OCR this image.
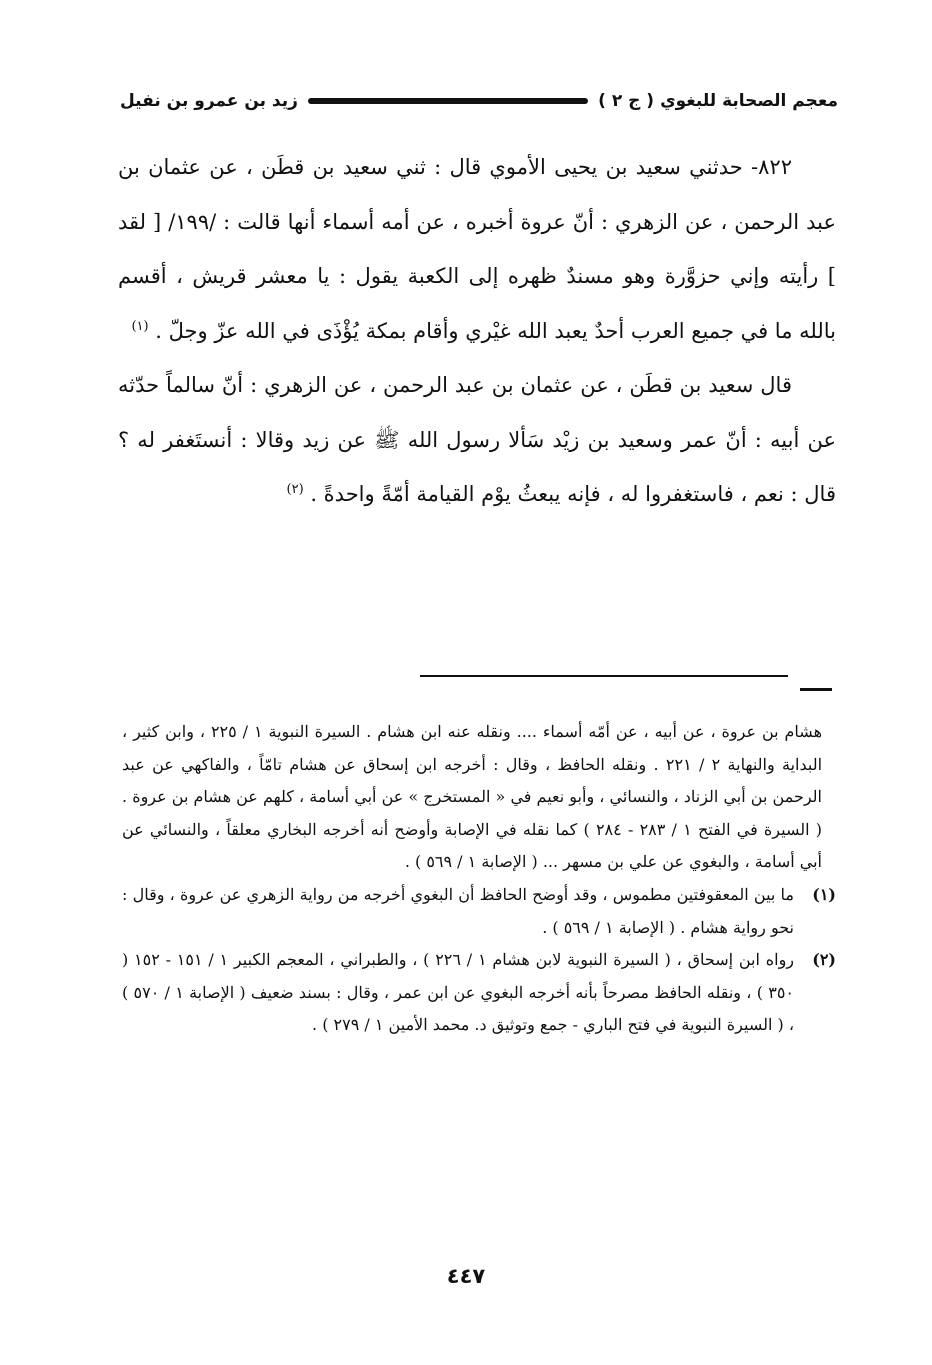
معجم الصحابة للبغوي
( ج ٢ )
زيد بن عمرو بن نفيل

٨٢٢- حدثني سعيد بن يحيى الأموي قال : ثني سعيد بن قطَن ، عن عثمان بن عبد الرحمن ، عن الزهري : أنّ عروة أخبره ، عن أمه أسماء أنها قالت : /١٩٩/ [ لقد ] رأيته وإني حزوَّرة وهو مسندٌ ظهره إلى الكعبة يقول : يا معشر قريش ، أقسم بالله ما في جميع العرب أحدٌ يعبد الله غيْري وأقام بمكة يُؤْذَى في الله عزّ وجلّ . $^{(١)}$

قال سعيد بن قطَن ، عن عثمان بن عبد الرحمن ، عن الزهري : أنّ سالماً حدّثه عن أبيه : أنّ عمر وسعيد بن زيْد سَألا رسول الله ﷺ عن زيد وقالا : أنستَغفر له ؟ قال : نعم ، فاستغفروا له ، فإنه يبعثُ يوْم القيامة أمّةً واحدةً . $^{(٢)}$

هشام بن عروة ، عن أبيه ، عن أمّه أسماء .... ونقله عنه ابن هشام . السيرة النبوية ١ / ٢٢٥ ، وابن كثير ، البداية والنهاية ٢ / ٢٢١ . ونقله الحافظ ، وقال : أخرجه ابن إسحاق عن هشام تامّاً ، والفاكهي عن عبد الرحمن بن أبي الزناد ، والنسائي ، وأبو نعيم في « المستخرج » عن أبي أسامة ، كلهم عن هشام بن عروة . ( السيرة في الفتح ١ / ٢٨٣ - ٢٨٤ ) كما نقله في الإصابة وأوضح أنه أخرجه البخاري معلقاً ، والنسائي عن أبي أسامة ، والبغوي عن علي بن مسهر ... ( الإصابة ١ / ٥٦٩ ) .

(١)
ما بين المعقوفتين مطموس ، وقد أوضح الحافظ أن البغوي أخرجه من رواية الزهري عن عروة ، وقال : نحو رواية هشام . ( الإصابة ١ / ٥٦٩ ) .
(٢)
رواه ابن إسحاق ، ( السيرة النبوية لابن هشام ١ / ٢٢٦ ) ، والطبراني ، المعجم الكبير ١ / ١٥١ - ١٥٢ ( ٣٥٠ ) ، ونقله الحافظ مصرحاً بأنه أخرجه البغوي عن ابن عمر ، وقال : بسند ضعيف ( الإصابة ١ / ٥٧٠ ) ، ( السيرة النبوية في فتح الباري - جمع وتوثيق د. محمد الأمين ١ / ٢٧٩ ) .
٤٤٧
